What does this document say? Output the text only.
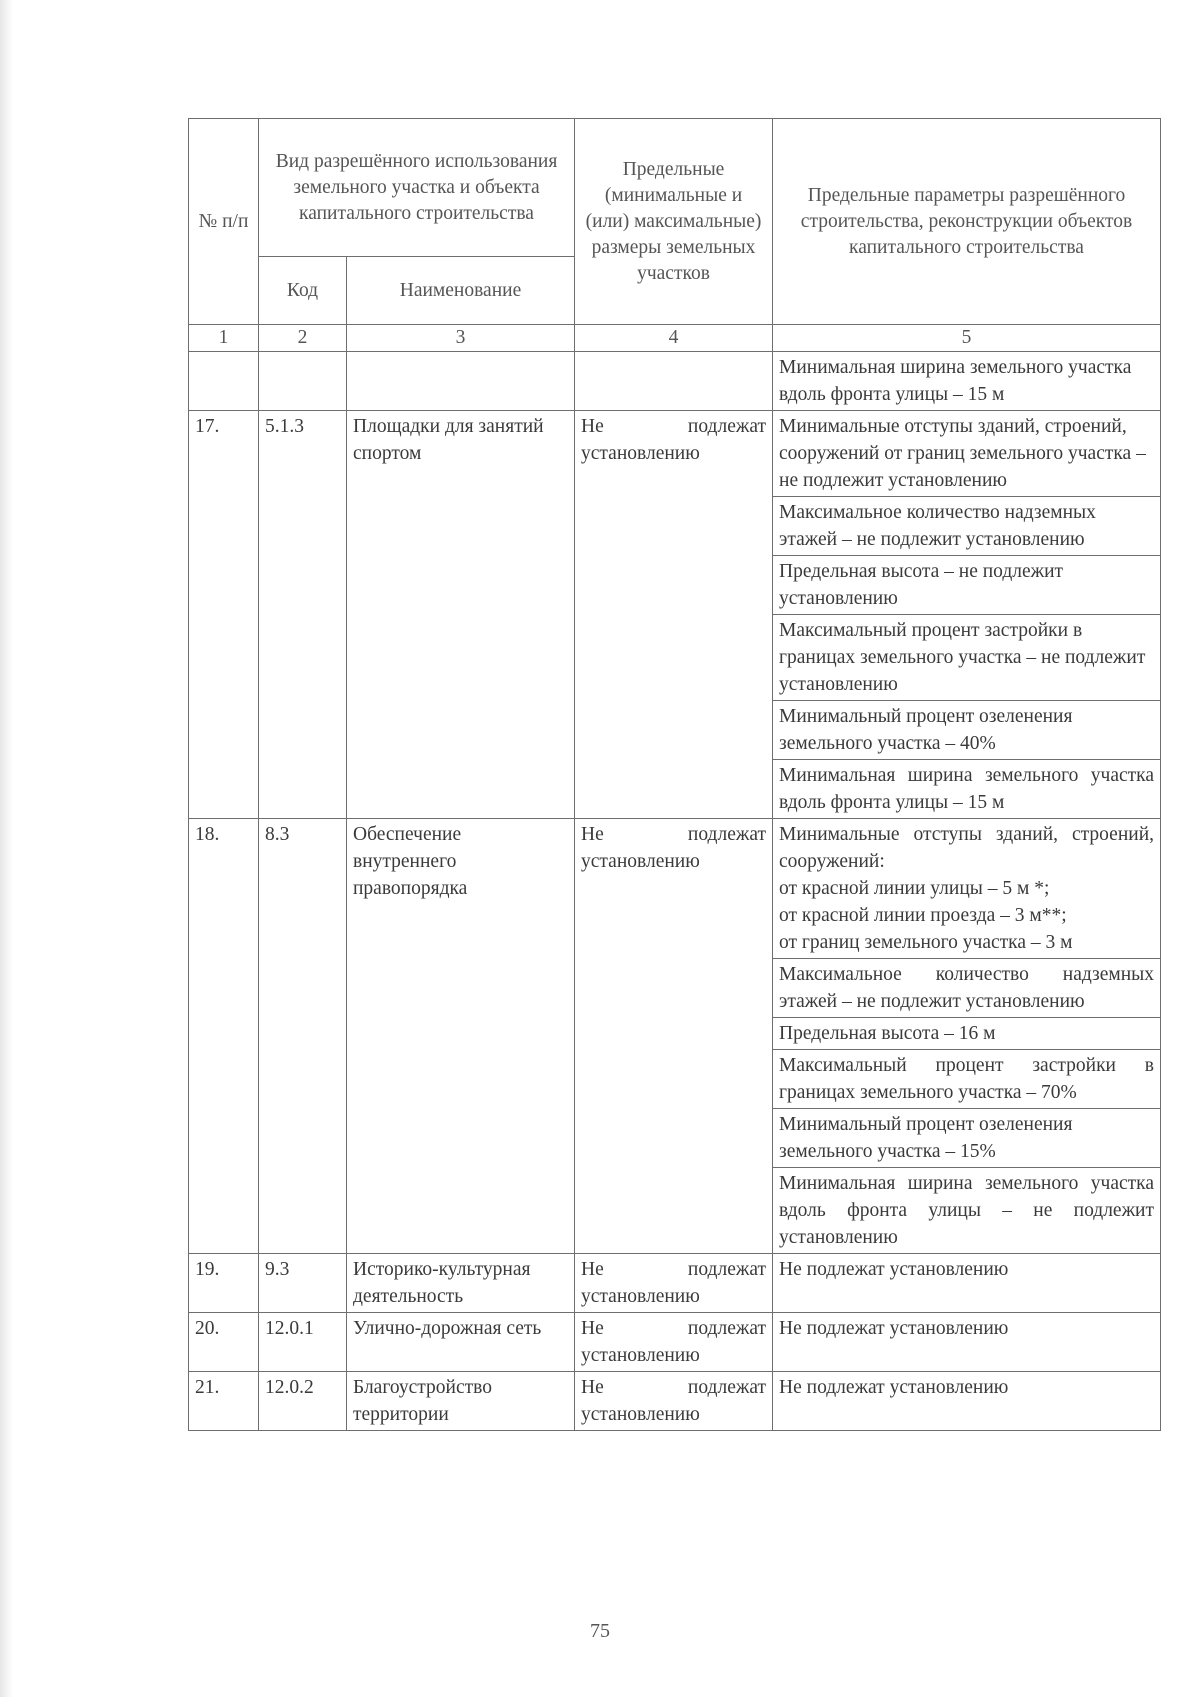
№ п/п	Вид разрешённого использования земельного участка и объекта капитального строительства		Предельные (минимальные и (или) максимальные) размеры земельных участков	Предельные параметры разрешённого строительства, реконструкции объектов капитального строительства
	Код	Наименование		
1	2	3	4	5
				Минимальная ширина земельного участка вдоль фронта улицы – 15 м
17.	5.1.3	Площадки для занятий спортом	Не подлежат установлению	Минимальные отступы зданий, строений, сооружений от границ земельного участка – не подлежит установлению
				Максимальное количество надземных этажей – не подлежит установлению
				Предельная высота – не подлежит установлению
				Максимальный процент застройки в границах земельного участка – не подлежит установлению
				Минимальный процент озеленения земельного участка – 40%
				Минимальная ширина земельного участка вдоль фронта улицы – 15 м
18.	8.3	Обеспечение внутреннего правопорядка	Не подлежат установлению	Минимальные отступы зданий, строений, сооружений:
от красной линии улицы – 5 м *;
от красной линии проезда – 3 м**;
от границ земельного участка – 3 м

				Максимальное количество надземных этажей – не подлежит установлению
				Предельная высота – 16 м
				Максимальный процент застройки в границах земельного участка – 70%
				Минимальный процент озеленения земельного участка – 15%
				Минимальная ширина земельного участка вдоль фронта улицы – не подлежит установлению
19.	9.3	Историко-культурная деятельность	Не подлежат установлению	Не подлежат установлению
20.	12.0.1	Улично-дорожная сеть	Не подлежат установлению	Не подлежат установлению
21.	12.0.2	Благоустройство территории	Не подлежат установлению	Не подлежат установлению
75
